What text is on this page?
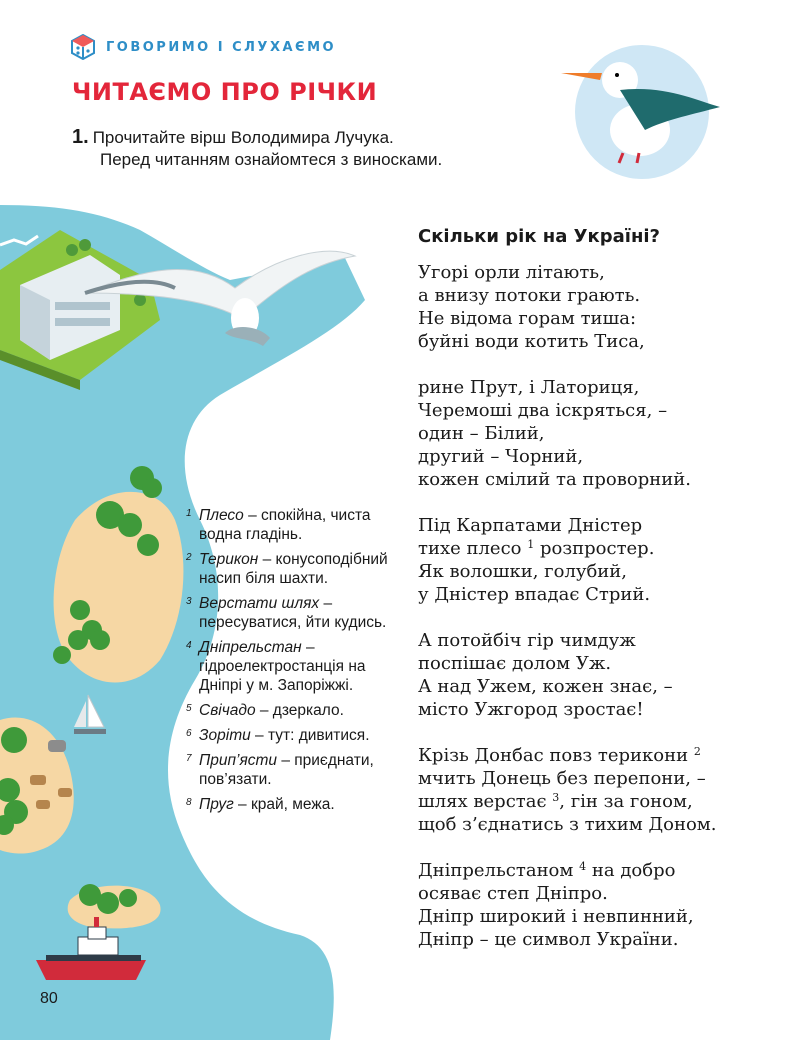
ГОВОРИМО І СЛУХАЄМО
ЧИТАЄМО ПРО РІЧКИ
1. Прочитайте вірш Володимира Лучука.
Перед читанням ознайомтеся з виносками.
Скільки рік на Україні?
Угорі орли літають,
а внизу потоки грають.
Не відома горам тиша:
буйні води котить Тиса,
рине Прут, і Латориця,
Черемоші два іскряться, –
один – Білий,
другий – Чорний,
кожен смілий та проворний.
Під Карпатами Дністер
тихе плесо $^1$ розпростер.
Як волошки, голубий,
у Дністер впадає Стрий.
А потойбіч гір чимдуж
поспішає долом Уж.
А над Ужем, кожен знає, –
місто Ужгород зростає!
Крізь Донбас повз терикони $^2$
мчить Донець без перепони, –
шлях верстає $^3$, гін за гоном,
щоб з’єднатись з тихим Доном.
Дніпрельстаном $^4$ на добро
осяває степ Дніпро.
Дніпр широкий і невпинний,
Дніпр – це символ України.
1 Плесо – спокійна, чиста водна гладінь.
2 Терикон – конусоподібний насип біля шахти.
3 Верстати шлях – пересуватися, йти кудись.
4 Дніпрельстан – гідроелектростанція на Дніпрі у м. Запоріжжі.
5 Свічадо – дзеркало.
6 Зоріти – тут: дивитися.
7 Прип’ясти – приєднати, пов’язати.
8 Пруг – край, межа.
80
